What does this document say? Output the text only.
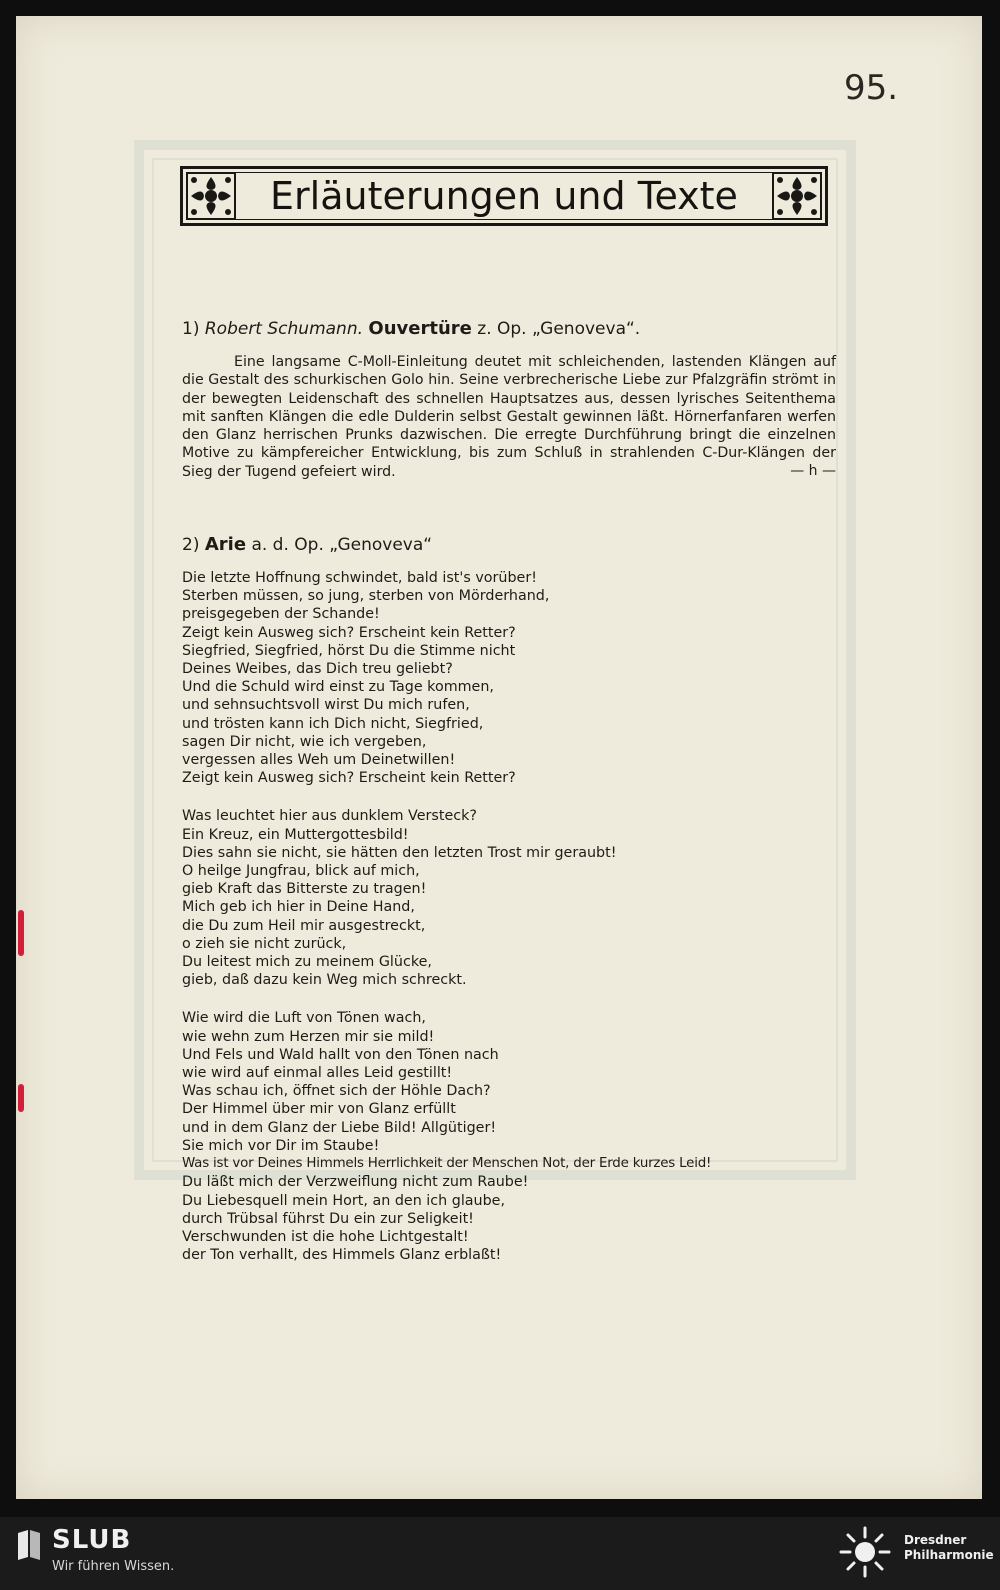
95.
Erläuterungen und Texte
1) Robert Schumann. Ouvertüre z. Op. „Genoveva“.

Eine langsame C-Moll-Einleitung deutet mit schleichenden, lastenden Klängen auf die Gestalt des schurkischen Golo hin. Seine verbrecherische Liebe zur Pfalzgräfin strömt in der bewegten Leidenschaft des schnellen Hauptsatzes aus, dessen lyrisches Seitenthema mit sanften Klängen die edle Dulderin selbst Gestalt gewinnen läßt. Hörnerfanfaren werfen den Glanz herrischen Prunks dazwischen. Die erregte Durchführung bringt die einzelnen Motive zu kämpfereicher Entwicklung, bis zum Schluß in strahlenden C-Dur-Klängen der Sieg der Tugend gefeiert wird.	— h —
2) Arie a. d. Op. „Genoveva“
Die letzte Hoffnung schwindet, bald ist's vorüber!
Sterben müssen, so jung, sterben von Mörderhand,
preisgegeben der Schande!
Zeigt kein Ausweg sich? Erscheint kein Retter?
Siegfried, Siegfried, hörst Du die Stimme nicht
Deines Weibes, das Dich treu geliebt?
Und die Schuld wird einst zu Tage kommen,
und sehnsuchtsvoll wirst Du mich rufen,
und trösten kann ich Dich nicht, Siegfried,
sagen Dir nicht, wie ich vergeben,
vergessen alles Weh um Deinetwillen!
Zeigt kein Ausweg sich? Erscheint kein Retter?
Was leuchtet hier aus dunklem Versteck?
Ein Kreuz, ein Muttergottesbild!
Dies sahn sie nicht, sie hätten den letzten Trost mir geraubt!
O heilge Jungfrau, blick auf mich,
gieb Kraft das Bitterste zu tragen!
Mich geb ich hier in Deine Hand,
die Du zum Heil mir ausgestreckt,
o zieh sie nicht zurück,
Du leitest mich zu meinem Glücke,
gieb, daß dazu kein Weg mich schreckt.
Wie wird die Luft von Tönen wach,
wie wehn zum Herzen mir sie mild!
Und Fels und Wald hallt von den Tönen nach
wie wird auf einmal alles Leid gestillt!
Was schau ich, öffnet sich der Höhle Dach?
Der Himmel über mir von Glanz erfüllt
und in dem Glanz der Liebe Bild! Allgütiger!
Sie mich vor Dir im Staube!
Was ist vor Deines Himmels Herrlichkeit der Menschen Not, der Erde kurzes Leid!
Du läßt mich der Verzweiflung nicht zum Raube!
Du Liebesquell mein Hort, an den ich glaube,
durch Trübsal führst Du ein zur Seligkeit!
Verschwunden ist die hohe Lichtgestalt!
der Ton verhallt, des Himmels Glanz erblaßt!
SLUB
Wir führen Wissen.
Dresdner
Philharmonie
